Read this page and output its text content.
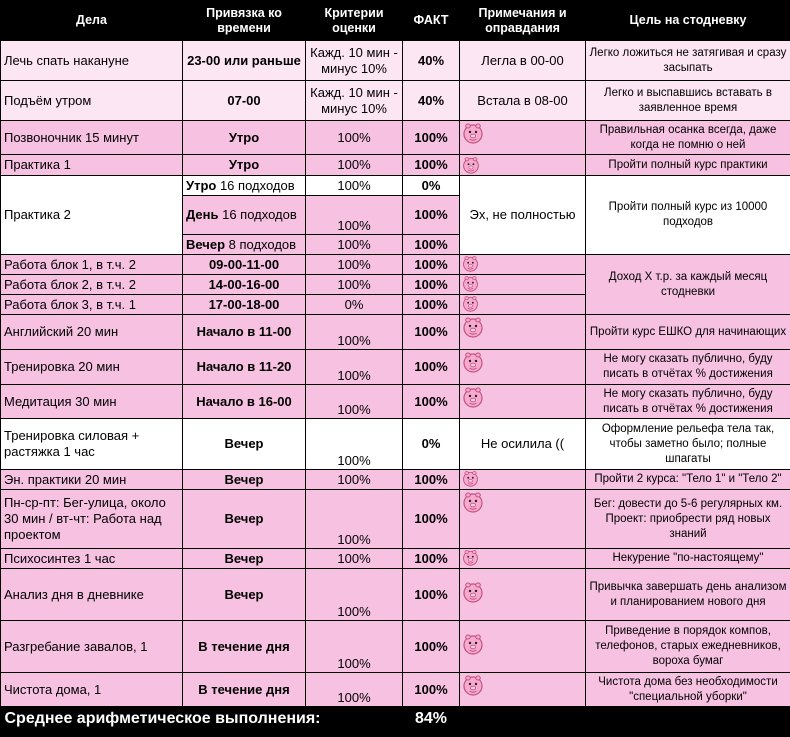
Дела	Привязка ко времени	Критерии оценки	ФАКТ	Примечания и оправдания	Цель на стодневку
Лечь спать накануне	23-00 или раньше	Кажд. 10 мин - минус 10%	40%	Легла в 00-00	Легко ложиться не затягивая и сразу засыпать
Подъём утром	07-00	Кажд. 10 мин - минус 10%	40%	Встала в 08-00	Легко и выспавшись вставать в заявленное время
Позвоночник 15 минут	Утро	100%	100%		Правильная осанка всегда, даже когда не помню о ней
Практика 1	Утро	100%	100%		Пройти полный курс практики
Практика 2	Утро 16 подходов	100%	0%	Эх, не полностью	Пройти полный курс из 10000 подходов
	День 16 подходов	100%	100%		
	Вечер 8 подходов	100%	100%		
Работа блок 1, в т.ч. 2	09-00-11-00	100%	100%		Доход Х т.р. за каждый месяц стодневки
Работа блок 2, в т.ч. 2	14-00-16-00	100%	100%	
Работа блок 3, в т.ч. 1	17-00-18-00	0%	100%	
Английский 20 мин	Начало в 11-00	100%	100%		Пройти курс ЕШКО для начинающих
Тренировка 20 мин	Начало в 11-20	100%	100%		Не могу сказать публично, буду писать в отчётах % достижения
Медитация 30 мин	Начало в 16-00	100%	100%		Не могу сказать публично, буду писать в отчётах % достижения
Тренировка силовая + растяжка 1 час	Вечер	100%	0%	Не осилила ((	Оформление рельефа тела так, чтобы заметно было; полные шпагаты
Эн. практики 20 мин	Вечер	100%	100%		Пройти 2 курса: "Тело 1" и "Тело 2"
Пн-ср-пт: Бег-улица, около 30 мин / вт-чт: Работа над проектом	Вечер	100%	100%		Бег: довести до 5-6 регулярных км. Проект: приобрести ряд новых знаний
Психосинтез 1 час	Вечер	100%	100%		Некурение "по-настоящему"
Анализ дня в дневнике	Вечер	100%	100%		Привычка завершать день анализом и планированием нового дня
Разгребание завалов, 1	В течение дня	100%	100%		Приведение в порядок компов, телефонов, старых ежедневников, вороха бумаг
Чистота дома, 1	В течение дня	100%	100%		Чистота дома без необходимости "специальной уборки"
Среднее арифметическое выполнения:			84%		
